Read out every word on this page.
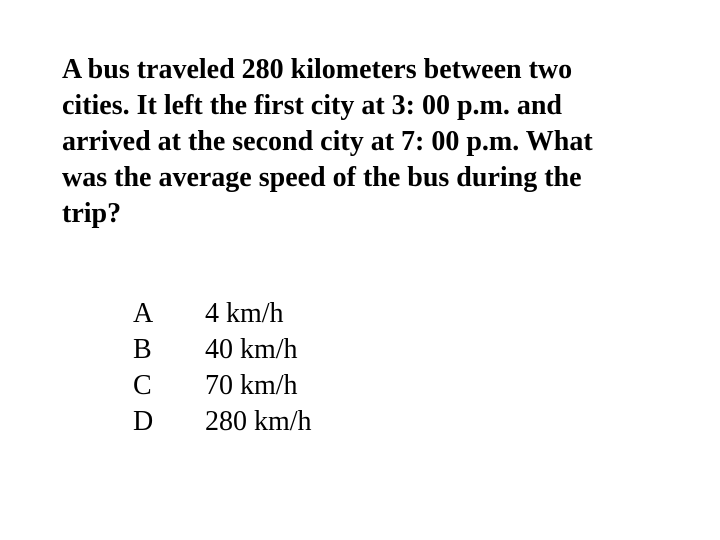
A bus traveled 280 kilometers between two
cities. It left the first city at 3: 00 p.m. and
arrived at the second city at 7: 00 p.m. What
was the average speed of the bus during the
trip?
A	4 km/h
B	40 km/h
C	70 km/h
D	280 km/h
